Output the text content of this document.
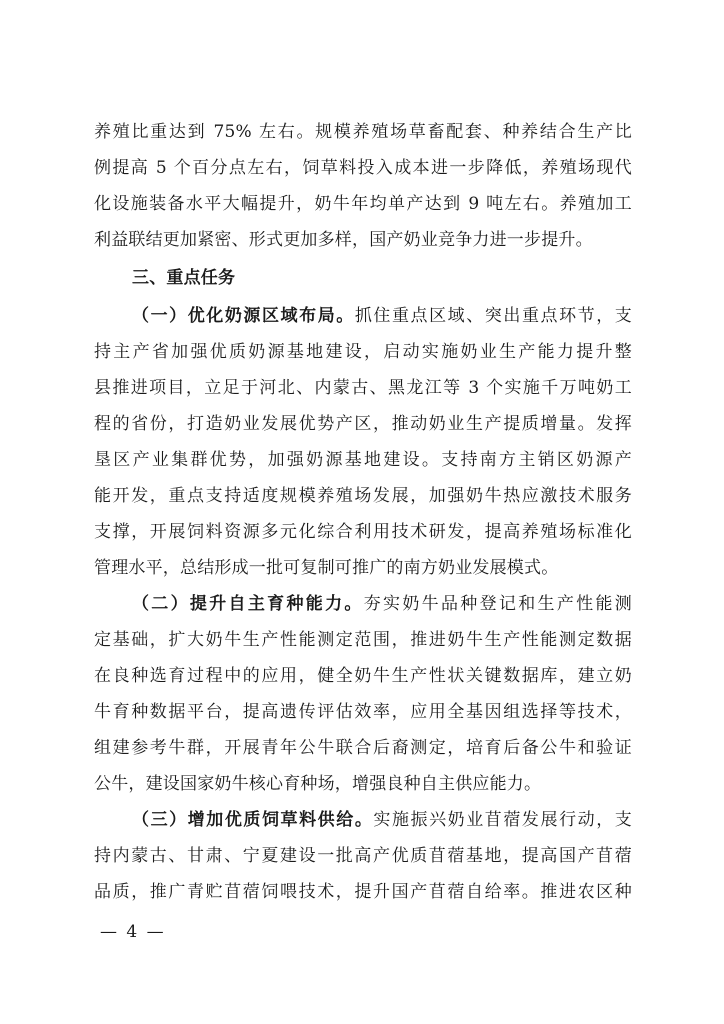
养殖比重达到 75% 左右。规模养殖场草畜配套、种养结合生产比
例提高 5 个百分点左右，饲草料投入成本进一步降低，养殖场现代
化设施装备水平大幅提升，奶牛年均单产达到 9 吨左右。养殖加工
利益联结更加紧密、形式更加多样，国产奶业竞争力进一步提升。
三、重点任务
（一）优化奶源区域布局。抓住重点区域、突出重点环节，支
持主产省加强优质奶源基地建设，启动实施奶业生产能力提升整
县推进项目，立足于河北、内蒙古、黑龙江等 3 个实施千万吨奶工
程的省份，打造奶业发展优势产区，推动奶业生产提质增量。发挥
垦区产业集群优势，加强奶源基地建设。支持南方主销区奶源产
能开发，重点支持适度规模养殖场发展，加强奶牛热应激技术服务
支撑，开展饲料资源多元化综合利用技术研发，提高养殖场标准化
管理水平，总结形成一批可复制可推广的南方奶业发展模式。
（二）提升自主育种能力。夯实奶牛品种登记和生产性能测
定基础，扩大奶牛生产性能测定范围，推进奶牛生产性能测定数据
在良种选育过程中的应用，健全奶牛生产性状关键数据库，建立奶
牛育种数据平台，提高遗传评估效率，应用全基因组选择等技术，
组建参考牛群，开展青年公牛联合后裔测定，培育后备公牛和验证
公牛，建设国家奶牛核心育种场，增强良种自主供应能力。
（三）增加优质饲草料供给。实施振兴奶业苜蓿发展行动，支
持内蒙古、甘肃、宁夏建设一批高产优质苜蓿基地，提高国产苜蓿
品质，推广青贮苜蓿饲喂技术，提升国产苜蓿自给率。推进农区种
— 4 —
